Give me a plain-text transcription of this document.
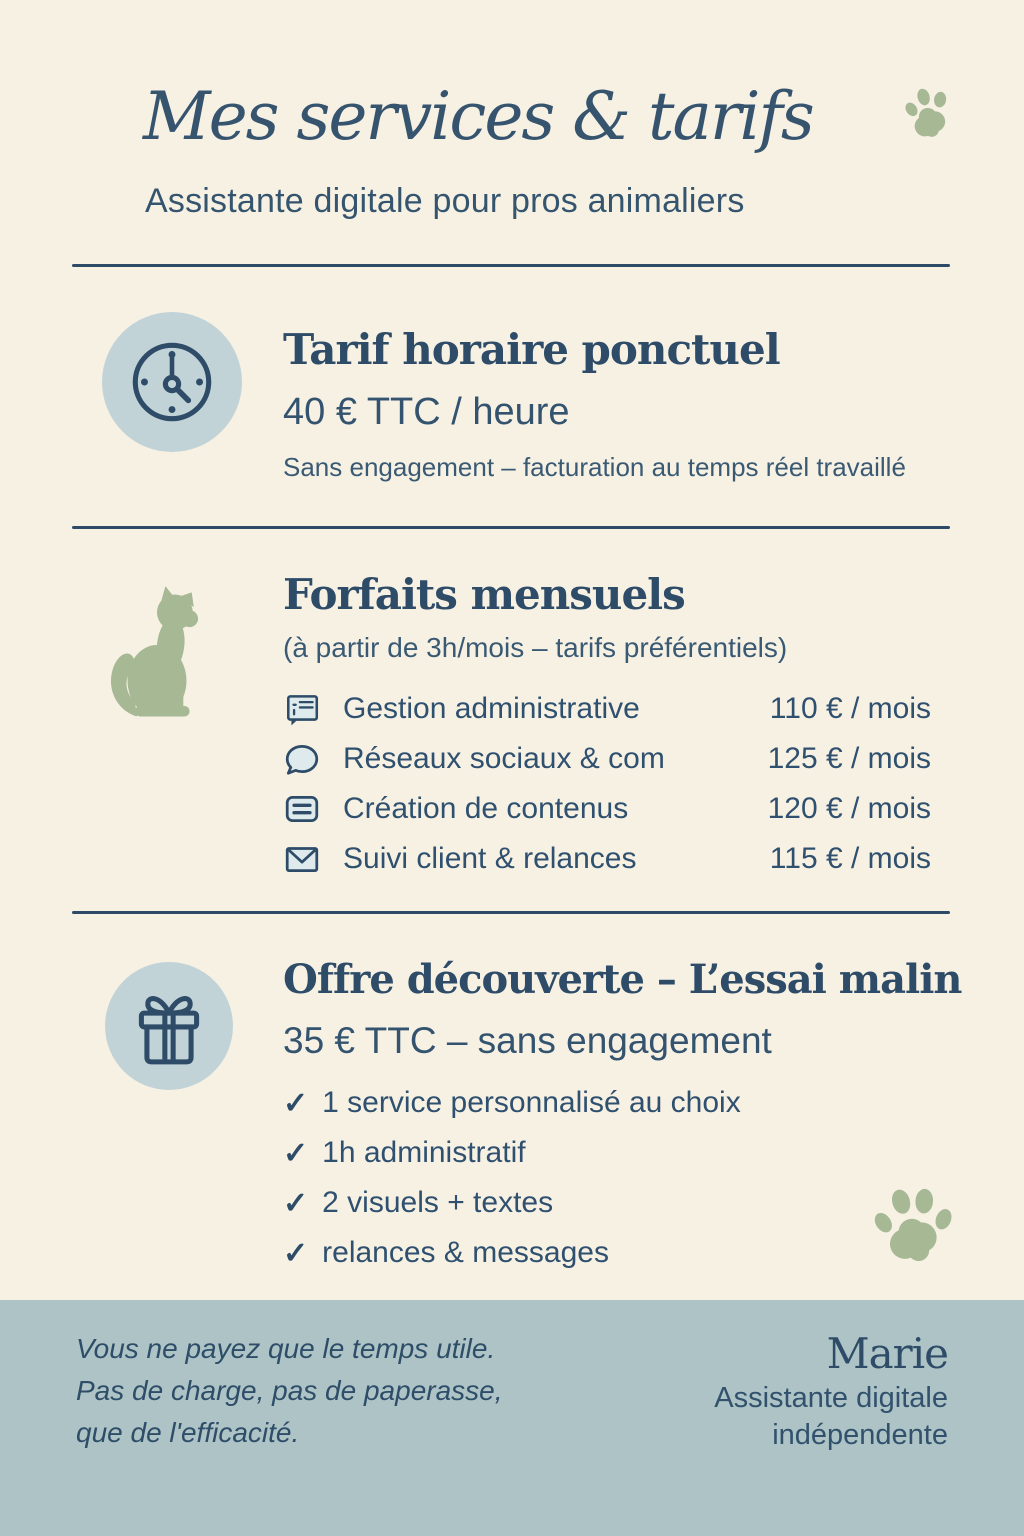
Mes services & tarifs
Assistante digitale pour pros animaliers
Tarif horaire ponctuel
40 € TTC / heure
Sans engagement – facturation au temps réel travaillé
Forfaits mensuels
(à partir de 3h/mois – tarifs préférentiels)
Gestion administrative	110 € / mois
Réseaux sociaux & com	125 € / mois
Création de contenus	120 € / mois
Suivi client & relances	115 € / mois
Offre découverte – L’essai malin
35 € TTC – sans engagement
✓ 1 service personnalisé au choix
✓ 1h administratif
✓ 2 visuels + textes
✓ relances & messages
Vous ne payez que le temps utile.
Pas de charge, pas de paperasse,
que de l'efficacité.
Marie
Assistante digitale
indépendente
